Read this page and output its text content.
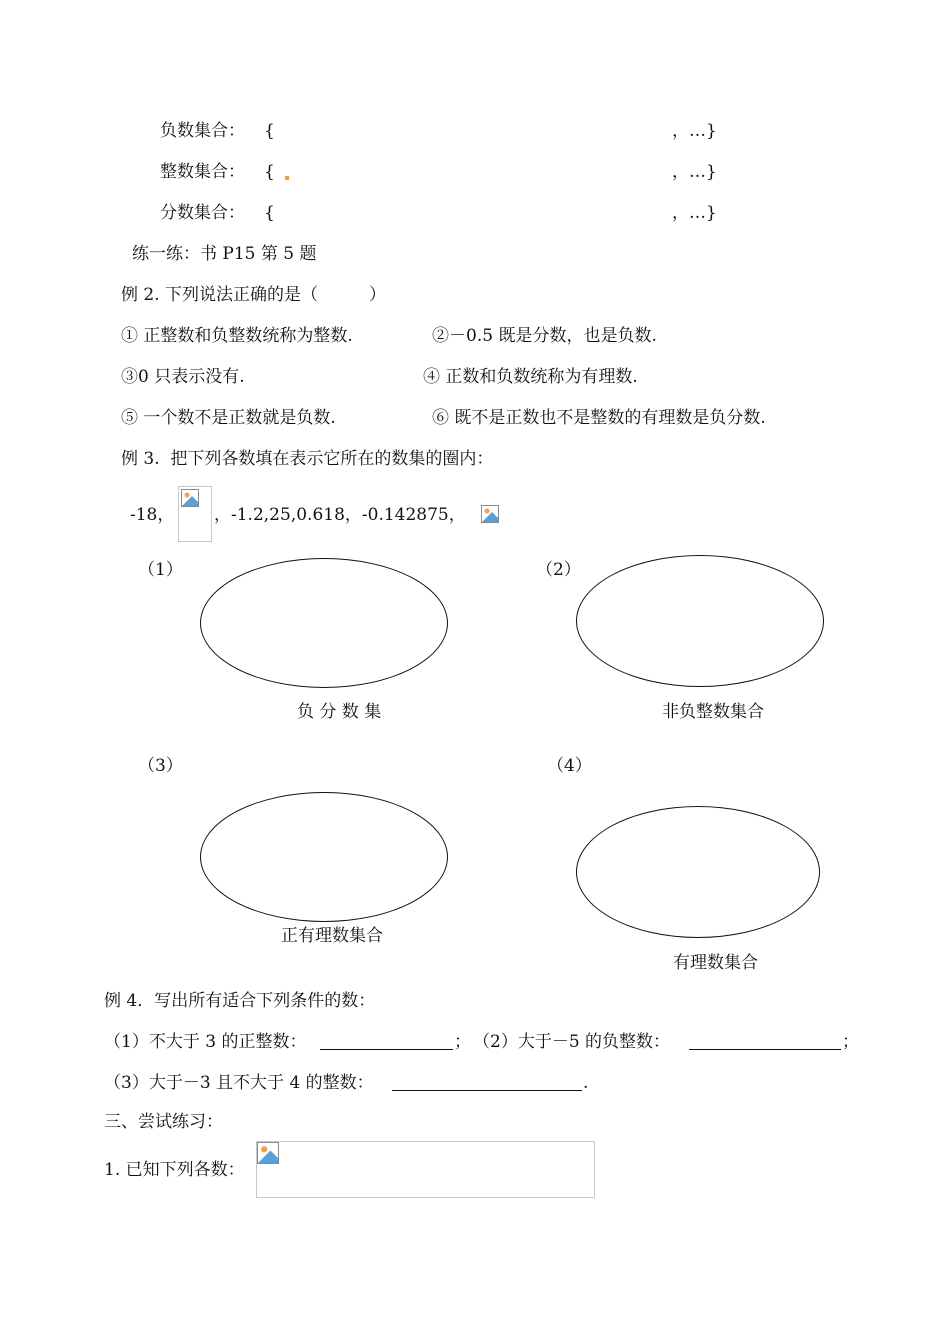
负数集合： {	，…}
整数集合： {	，…}
分数集合： {	，…}
练一练：书 P15 第 5 题
例 2. 下列说法正确的是（　　　）
① 正整数和负整数统称为整数.	②－0.5 既是分数，也是负数.
③0 只表示没有.	④ 正数和负数统称为有理数.
⑤ 一个数不是正数就是负数.	⑥ 既不是正数也不是整数的有理数是负分数.
例 3.  把下列各数填在表示它所在的数集的圈内：
-18， ，-1.2,25,0.618，-0.142875，
（1）
负 分 数 集
（2）
非负整数集合
（3）
正有理数集合
（4）
有理数集合
例 4．写出所有适合下列条件的数：
（1）不大于 3 的正整数：	； （2）大于－5 的负整数：	；
（3）大于－3 且不大于 4 的整数：	.
三、尝试练习：
1. 已知下列各数：
